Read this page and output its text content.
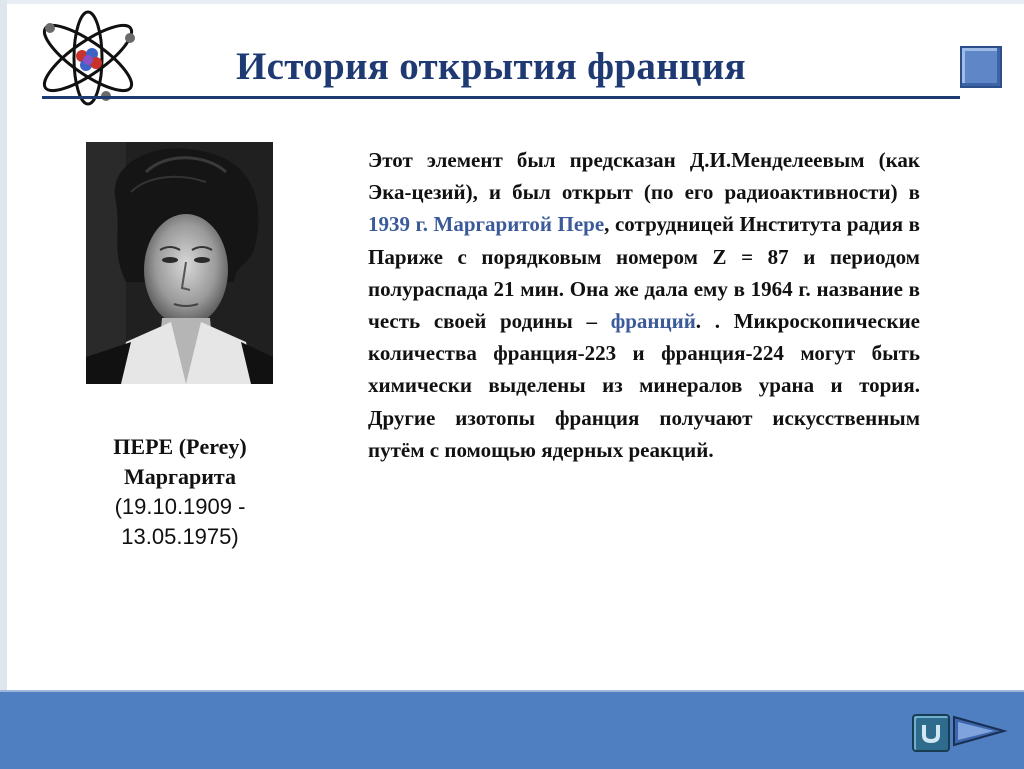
История открытия франция
ПЕРЕ (Perey)
Маргарита
(19.10.1909 -
13.05.1975)
Этот элемент был предсказан Д.И.Менделеевым (как Эка-цезий), и был открыт (по его радиоактивности) в 1939 г. Маргаритой Пере, сотрудницей Института радия в Париже с порядковым номером Z = 87 и периодом полураспада 21 мин. Она же дала ему в 1964 г. название в честь своей родины – франций. . Микроскопические количества франция-223 и франция-224 могут быть химически выделены из минералов урана и тория. Другие изотопы франция получают искусственным путём с помощью ядерных реакций.
